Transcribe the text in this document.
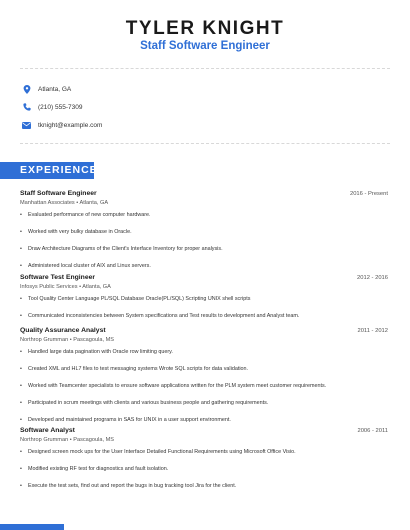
TYLER KNIGHT
Staff Software Engineer
Atlanta, GA
(210) 555-7309
tknight@example.com
EXPERIENCE
Staff Software Engineer	2016 - Present
Manhattan Associates • Atlanta, GA
• Evaluated performance of new computer hardware.
• Worked with very bulky database in Oracle.
• Draw Architecture Diagrams of the Client's Interface Inventory for proper analysis.
• Administered local cluster of AIX and Linux servers.
Software Test Engineer	2012 - 2016
Infosys Public Services • Atlanta, GA
• Tool Quality Center Language PL/SQL Database Oracle(PL/SQL) Scripting UNIX shell scripts
• Communicated inconsistencies between System specifications and Test results to development and Analyst team.
Quality Assurance Analyst	2011 - 2012
Northrop Grumman • Pascagoula, MS
• Handled large data pagination with Oracle row limiting query.
• Created XML and HL7 files to test messaging systems Wrote SQL scripts for data validation.
• Worked with Teamcenter specialists to ensure software applications written for the PLM system meet customer requirements.
• Participated in scrum meetings with clients and various business people and gathering requirements.
• Developed and maintained programs in SAS for UNIX in a user support environment.
Software Analyst	2006 - 2011
Northrop Grumman • Pascagoula, MS
• Designed screen mock ups for the User Interface Detailed Functional Requirements using Microsoft Office Visio.
• Modified existing RF test for diagnostics and fault isolation.
• Execute the test sets, find out and report the bugs in bug tracking tool Jira for the client.
